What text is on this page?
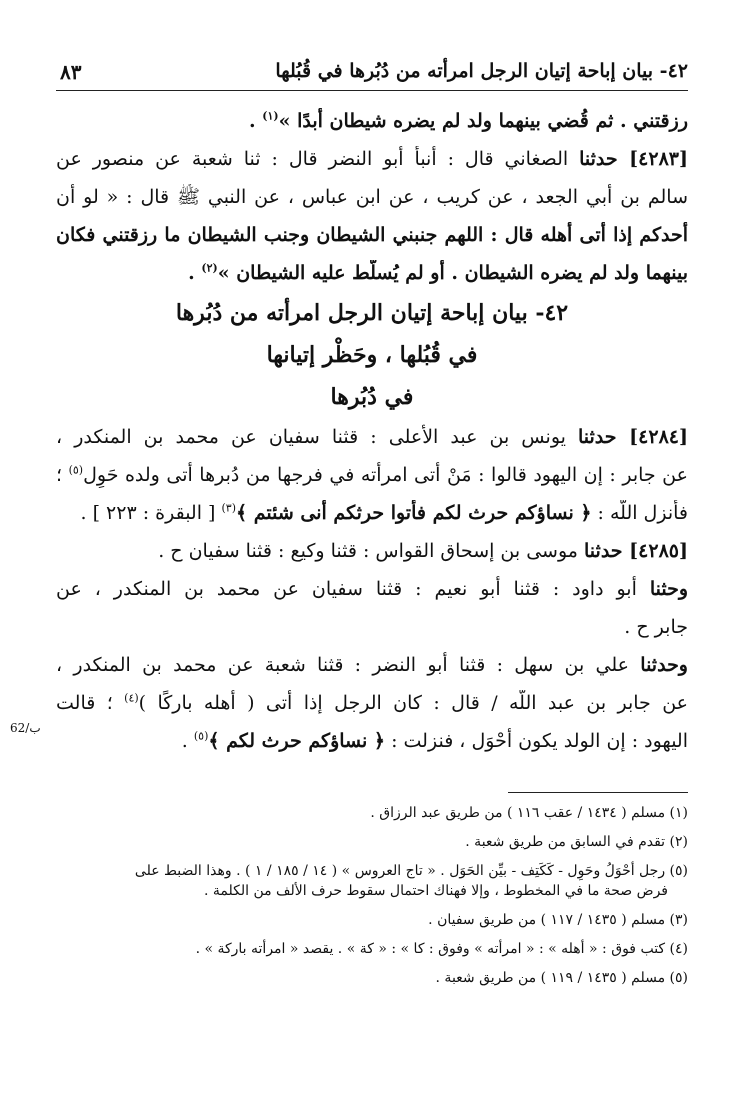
٤٢- بيان إباحة إتيان الرجل امرأته من دُبُرها في قُبُلها
٨٣

رزقتني . ثم قُضي بينهما ولد لم يضره شيطان أبدًا »$^{(١)}$ .

[٤٢٨٣] حدثنا الصغاني قال : أنبأ أبو النضر قال : ثنا شعبة عن منصور عن

سالم بن أبي الجعد ، عن كريب ، عن ابن عباس ، عن النبي ﷺ قال : « لو أن

أحدكم إذا أتى أهله قال : اللهم جنبني الشيطان وجنب الشيطان ما رزقتني فكان

بينهما ولد لم يضره الشيطان . أو لم يُسلَّط عليه الشيطان »$^{(٢)}$ .

٤٢- بيان إباحة إتيان الرجل امرأته من دُبُرها
في قُبُلها ، وحَظْر إتيانها
في دُبُرها

[٤٢٨٤] حدثنا يونس بن عبد الأعلى : قثنا سفيان عن محمد بن المنكدر ،

عن جابر : إن اليهود قالوا : مَنْ أتى امرأته في فرجها من دُبرها أتى ولده حَوِل$^{(٥)}$ ؛

فأنزل اللَّه : ﴿ نساؤكم حرث لكم فأتوا حرثكم أنى شئتم ﴾$^{(٣)}$ [ البقرة : ٢٢٣ ] .

[٤٢٨٥] حدثنا موسى بن إسحاق القواس : قثنا وكيع : قثنا سفيان ح .

وحثنا أبو داود : قثنا أبو نعيم : قثنا سفيان عن محمد بن المنكدر ، عن

جابر ح .

وحدثنا علي بن سهل : قثنا أبو النضر : قثنا شعبة عن محمد بن المنكدر ،

عن جابر بن عبد اللَّه / قال : كان الرجل إذا أتى ( أهله باركًا )$^{(٤)}$ ؛ قالت

اليهود : إن الولد يكون أَحْوَل ، فنزلت : ﴿ نساؤكم حرث لكم ﴾$^{(٥)}$ .

62/ب

(١) مسلم ( ١٤٣٤ / عقب ١١٦ ) من طريق عبد الرزاق .

(٢) تقدم في السابق من طريق شعبة .

(٥) رجل أَحْوَلُ وحَوِل - كَكَتِف - بيِّن الحَوَل . « تاج العروس » ( ١٤ / ١٨٥ / ١ ) . وهذا الضبط على
فرض صحة ما في المخطوط ، وإلا فهناك احتمال سقوط حرف الألف من الكلمة .

(٣) مسلم ( ١٤٣٥ / ١١٧ ) من طريق سفيان .

(٤) كتب فوق : « أهله » : « امرأته » وفوق : كا » : « كة » . يقصد « امرأته باركة » .

(٥) مسلم ( ١٤٣٥ / ١١٩ ) من طريق شعبة .
